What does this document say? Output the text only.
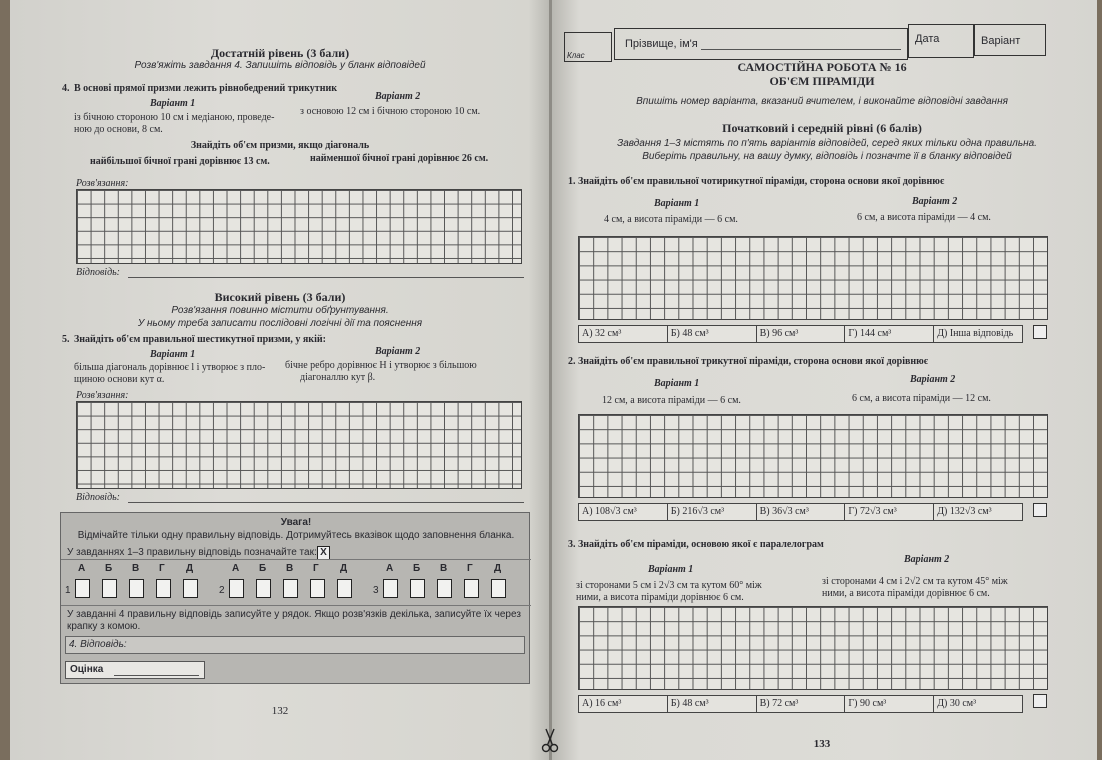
Достатній рівень (3 бали)
Розв'яжіть завдання 4. Запишіть відповідь у бланк відповідей
4. В основі прямої призми лежить рівнобедрений трикутник
Варіант 1
Варіант 2
із бічною стороною 10 см і медіаною, проведе-
ною до основи, 8 см.
з основою 12 см і бічною стороною 10 см.
Знайдіть об'єм призми, якщо діагональ
найбільшої бічної грані дорівнює 13 см.	найменшої бічної грані дорівнює 26 см.
Розв'язання:
Відповідь:
Високий рівень (3 бали)
Розв'язання повинно містити обґрунтування.
У ньому треба записати послідовні логічні дії та пояснення
5. Знайдіть об'єм правильної шестикутної призми, у якій:
Варіант 1	Варіант 2
більша діагональ дорівнює l і утворює з пло-
щиною основи кут α.
бічне ребро дорівнює H і утворює з більшою
діагоналлю кут β.
Розв'язання:
Відповідь:
Увага!
Відмічайте тільки одну правильну відповідь. Дотримуйтесь вказівок щодо заповнення бланка.
У завданнях 1–3 правильну відповідь позначайте так: X
1
А Б В Г Д
2
А Б В Г Д
3
А Б В Г Д
У завданні 4 правильну відповідь записуйте у рядок. Якщо розв'язків декілька, записуйте їх через
крапку з комою.
4. Відповідь:
Оцінка
132
Клас
Прізвище, ім'я	Дата	Варіант
САМОСТІЙНА РОБОТА № 16
ОБ'ЄМ ПІРАМІДИ
Впишіть номер варіанта, вказаний вчителем, і виконайте відповідні завдання
Початковий і середній рівні (6 балів)
Завдання 1–3 містять по п'ять варіантів відповідей, серед яких тільки одна правильна.
Виберіть правильну, на вашу думку, відповідь і позначте її в бланку відповідей
1. Знайдіть об'єм правильної чотирикутної піраміди, сторона основи якої дорівнює
Варіант 1	Варіант 2
4 см, а висота піраміди — 6 см.	6 см, а висота піраміди — 4 см.
А) 32 см³	Б) 48 см³	В) 96 см³	Г) 144 см³	Д) Інша відповідь
2. Знайдіть об'єм правильної трикутної піраміди, сторона основи якої дорівнює
Варіант 1	Варіант 2
12 см, а висота піраміди — 6 см.	6 см, а висота піраміди — 12 см.
А) 108√3 см³	Б) 216√3 см³	В) 36√3 см³	Г) 72√3 см³	Д) 132√3 см³
3. Знайдіть об'єм піраміди, основою якої є паралелограм
Варіант 1
Варіант 2
зі сторонами 5 см і 2√3 см та кутом 60° між
ними, а висота піраміди дорівнює 6 см.
зі сторонами 4 см і 2√2 см та кутом 45° між
ними, а висота піраміди дорівнює 6 см.
А) 16 см³	Б) 48 см³	В) 72 см³	Г) 90 см³	Д) 30 см³
133
